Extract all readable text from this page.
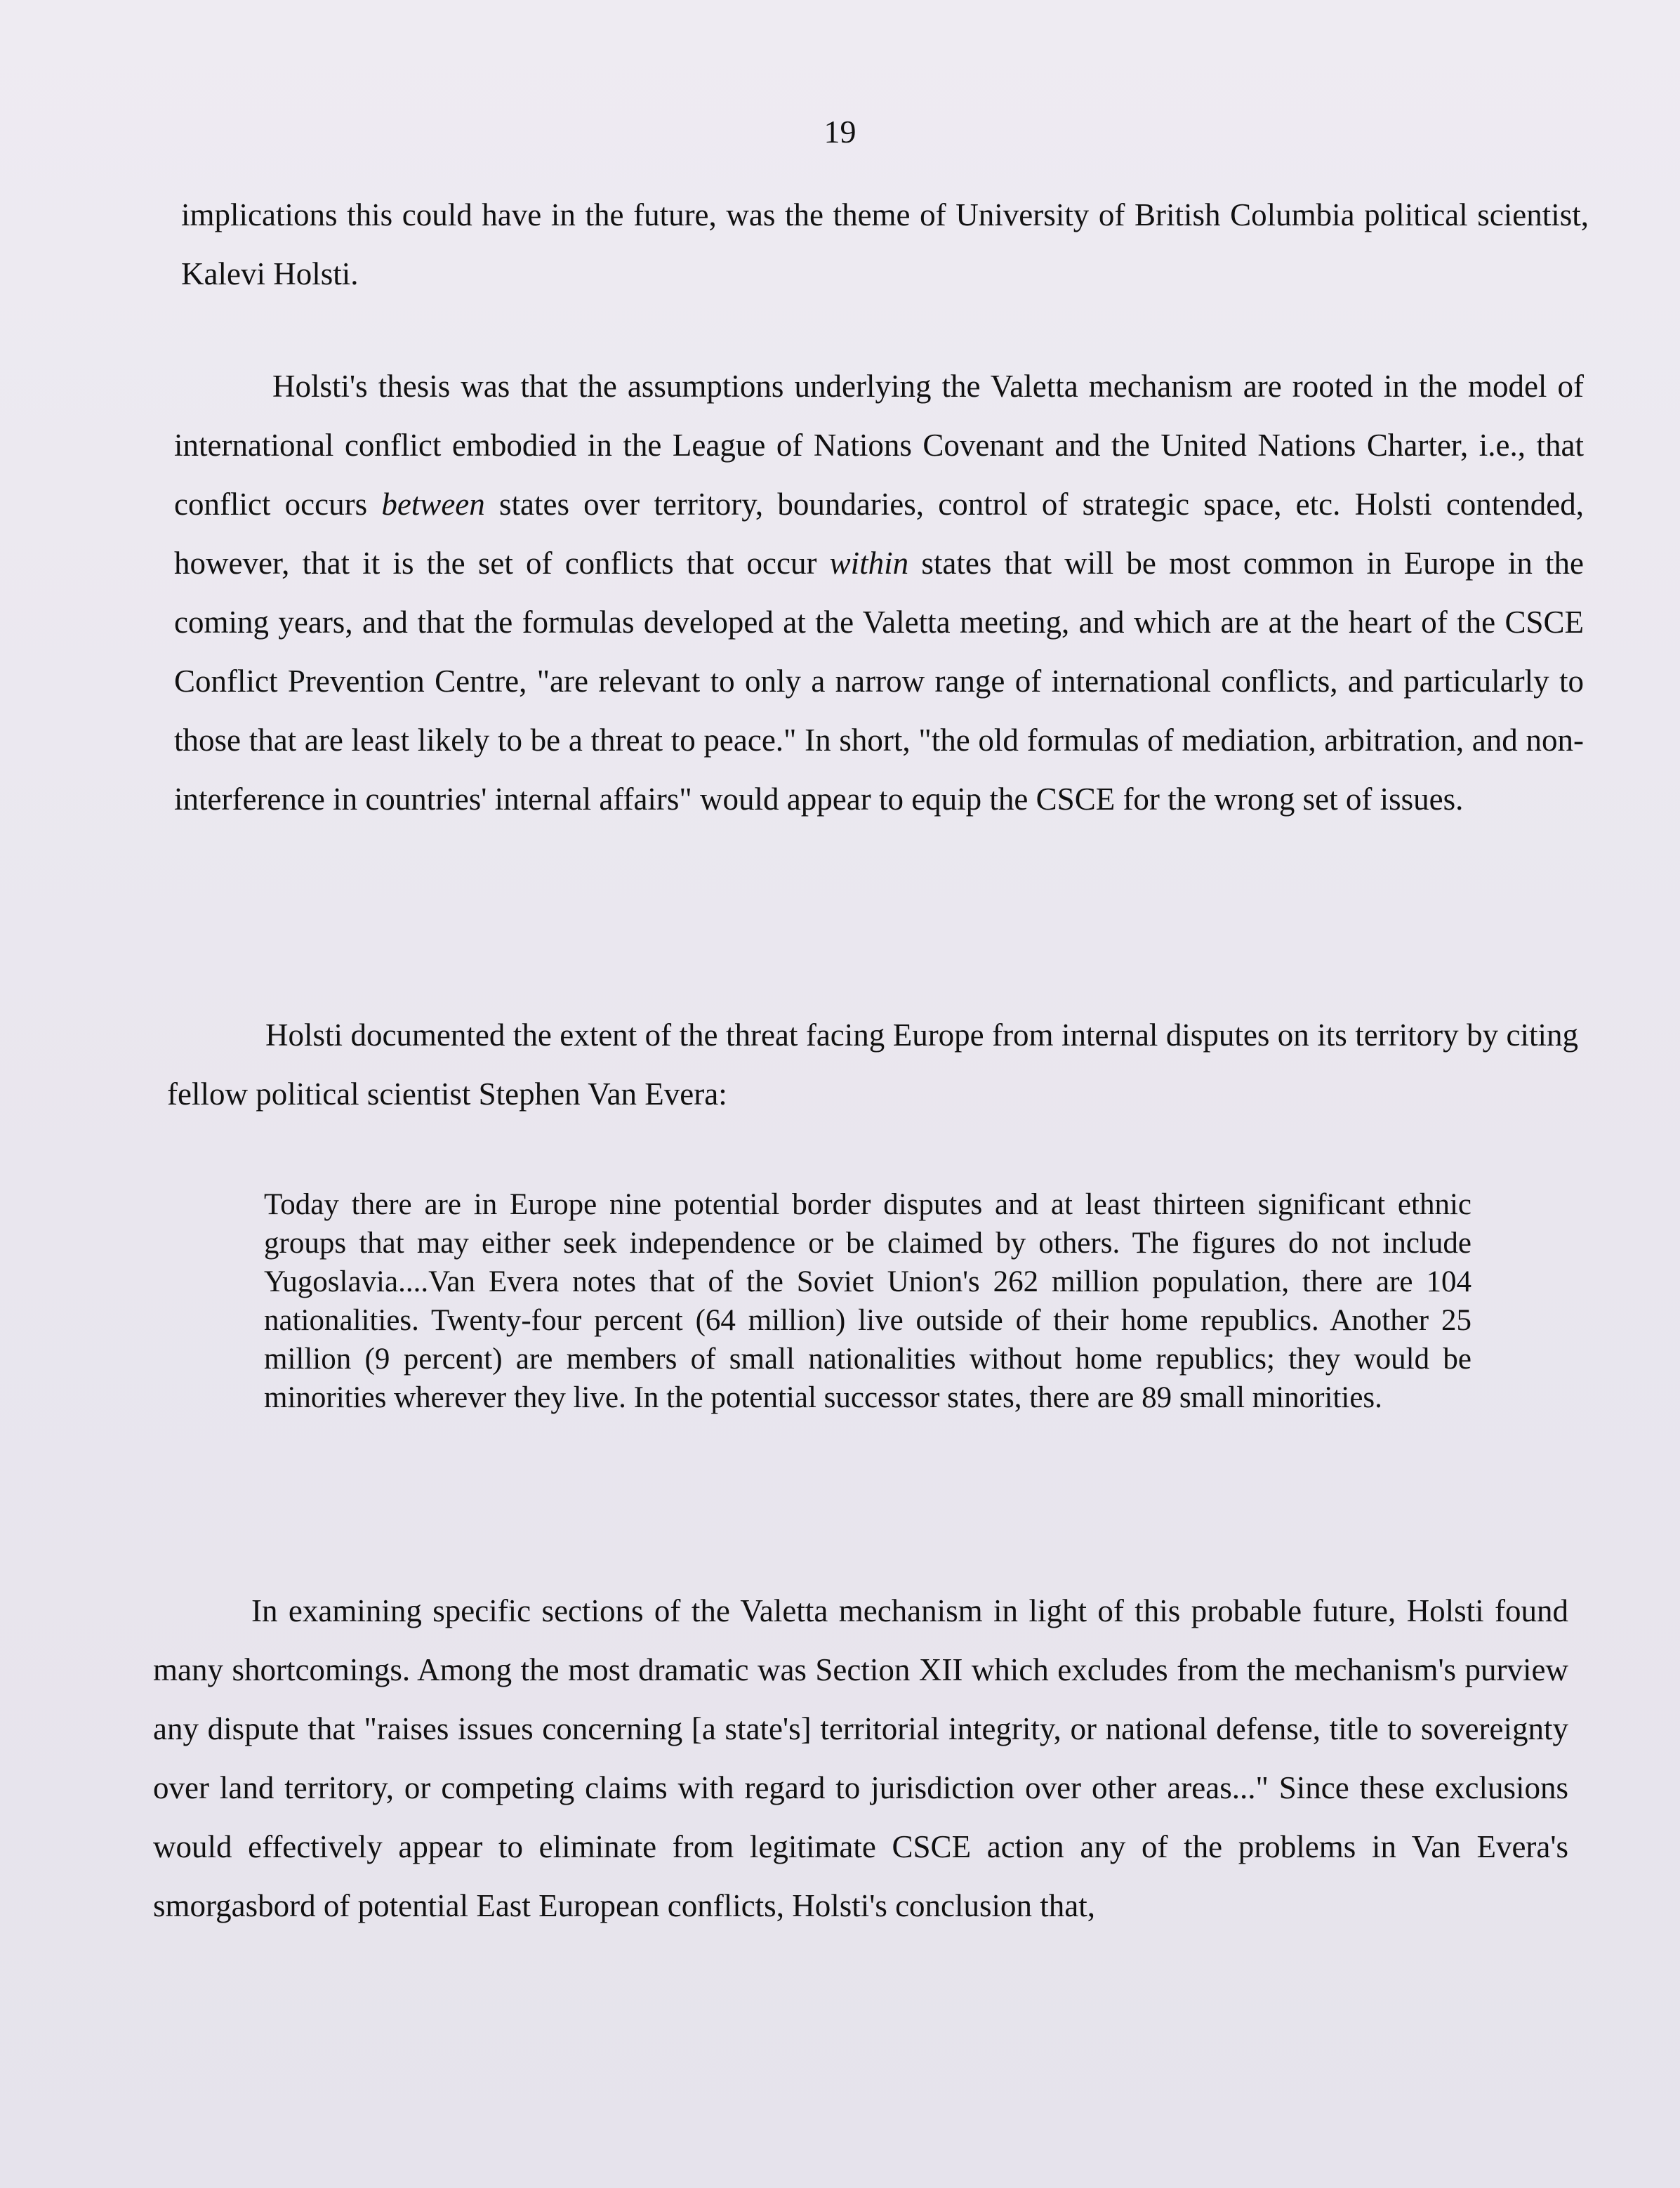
19

implications this could have in the future, was the theme of University of British Columbia political scientist, Kalevi Holsti.

Holsti's thesis was that the assumptions underlying the Valetta mechanism are rooted in the model of international conflict embodied in the League of Nations Covenant and the United Nations Charter, i.e., that conflict occurs between states over territory, boundaries, control of strategic space, etc. Holsti contended, however, that it is the set of conflicts that occur within states that will be most common in Europe in the coming years, and that the formulas developed at the Valetta meeting, and which are at the heart of the CSCE Conflict Prevention Centre, "are relevant to only a narrow range of international conflicts, and particularly to those that are least likely to be a threat to peace." In short, "the old formulas of mediation, arbitration, and non-interference in countries' internal affairs" would appear to equip the CSCE for the wrong set of issues.

Holsti documented the extent of the threat facing Europe from internal disputes on its territory by citing fellow political scientist Stephen Van Evera:

Today there are in Europe nine potential border disputes and at least thirteen significant ethnic groups that may either seek independence or be claimed by others. The figures do not include Yugoslavia....Van Evera notes that of the Soviet Union's 262 million population, there are 104 nationalities. Twenty-four percent (64 million) live outside of their home republics. Another 25 million (9 percent) are members of small nationalities without home republics; they would be minorities wherever they live. In the potential successor states, there are 89 small minorities.

In examining specific sections of the Valetta mechanism in light of this probable future, Holsti found many shortcomings. Among the most dramatic was Section XII which excludes from the mechanism's purview any dispute that "raises issues concerning [a state's] territorial integrity, or national defense, title to sovereignty over land territory, or competing claims with regard to jurisdiction over other areas..." Since these exclusions would effectively appear to eliminate from legitimate CSCE action any of the problems in Van Evera's smorgasbord of potential East European conflicts, Holsti's conclusion that,
